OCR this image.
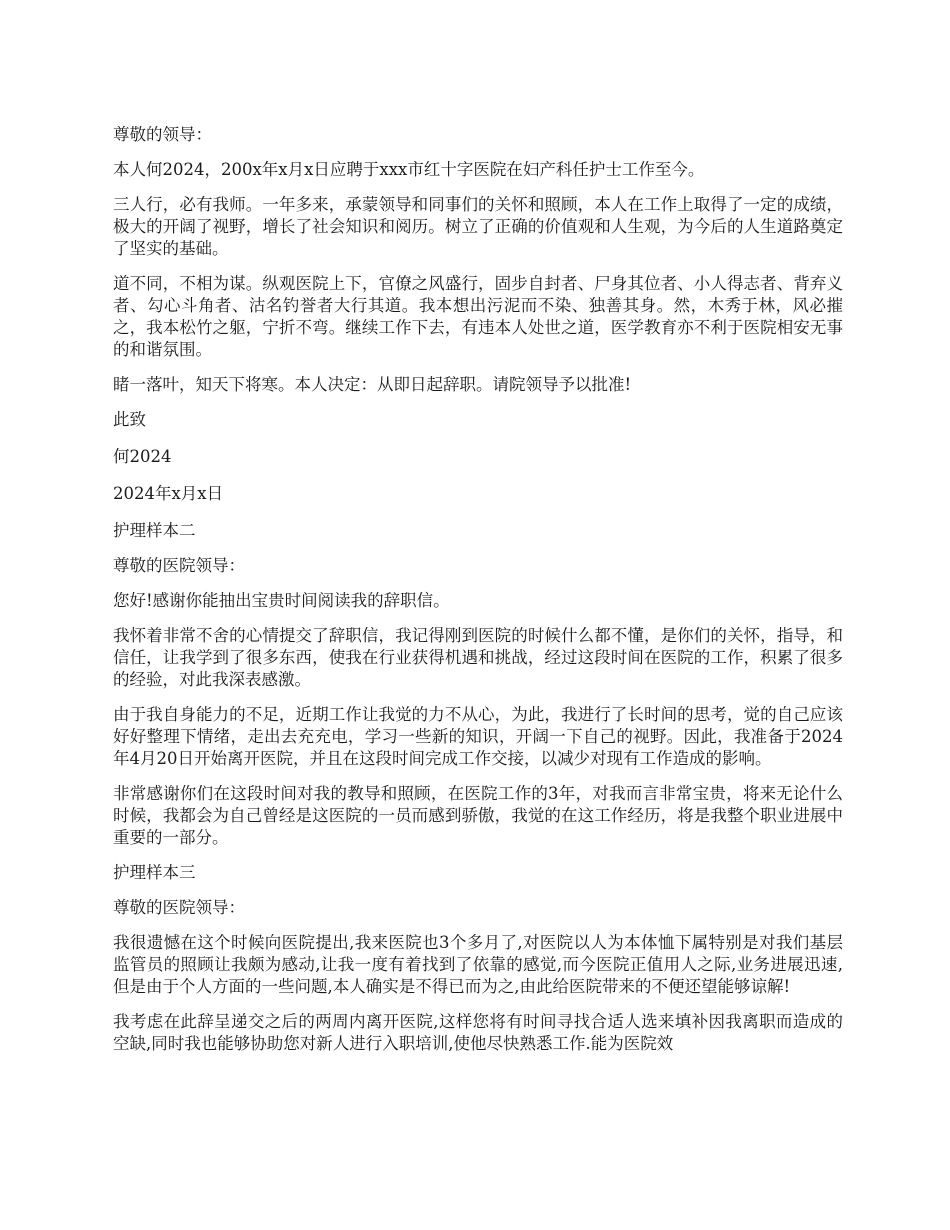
尊敬的领导：

本人何2024，200x年x月x日应聘于xxx市红十字医院在妇产科任护士工作至今。

三人行，必有我师。一年多来，承蒙领导和同事们的关怀和照顾，本人在工作上取得了一定的成绩，极大的开阔了视野，增长了社会知识和阅历。树立了正确的价值观和人生观，为今后的人生道路奠定了坚实的基础。

道不同，不相为谋。纵观医院上下，官僚之风盛行，固步自封者、尸身其位者、小人得志者、背弃义者、勾心斗角者、沽名钓誉者大行其道。我本想出污泥而不染、独善其身。然，木秀于林，风必摧之，我本松竹之躯，宁折不弯。继续工作下去，有违本人处世之道，医学教育亦不利于医院相安无事的和谐氛围。

睹一落叶，知天下将寒。本人决定：从即日起辞职。请院领导予以批准!

此致

何2024

2024年x月x日

护理样本二

尊敬的医院领导：

您好!感谢你能抽出宝贵时间阅读我的辞职信。

我怀着非常不舍的心情提交了辞职信，我记得刚到医院的时候什么都不懂，是你们的关怀，指导，和信任，让我学到了很多东西，使我在行业获得机遇和挑战，经过这段时间在医院的工作，积累了很多的经验，对此我深表感激。

由于我自身能力的不足，近期工作让我觉的力不从心，为此，我进行了长时间的思考，觉的自己应该好好整理下情绪，走出去充充电，学习一些新的知识，开阔一下自己的视野。因此，我准备于2024年4月20日开始离开医院，并且在这段时间完成工作交接，以减少对现有工作造成的影响。

非常感谢你们在这段时间对我的教导和照顾，在医院工作的3年，对我而言非常宝贵，将来无论什么时候，我都会为自己曾经是这医院的一员而感到骄傲，我觉的在这工作经历，将是我整个职业进展中重要的一部分。

护理样本三

尊敬的医院领导：

我很遗憾在这个时候向医院提出,我来医院也3个多月了,对医院以人为本体恤下属特别是对我们基层监管员的照顾让我颇为感动,让我一度有着找到了依靠的感觉,而今医院正值用人之际,业务进展迅速,但是由于个人方面的一些问题,本人确实是不得已而为之,由此给医院带来的不便还望能够谅解!

我考虑在此辞呈递交之后的两周内离开医院,这样您将有时间寻找合适人选来填补因我离职而造成的空缺,同时我也能够协助您对新人进行入职培训,使他尽快熟悉工作.能为医院效
